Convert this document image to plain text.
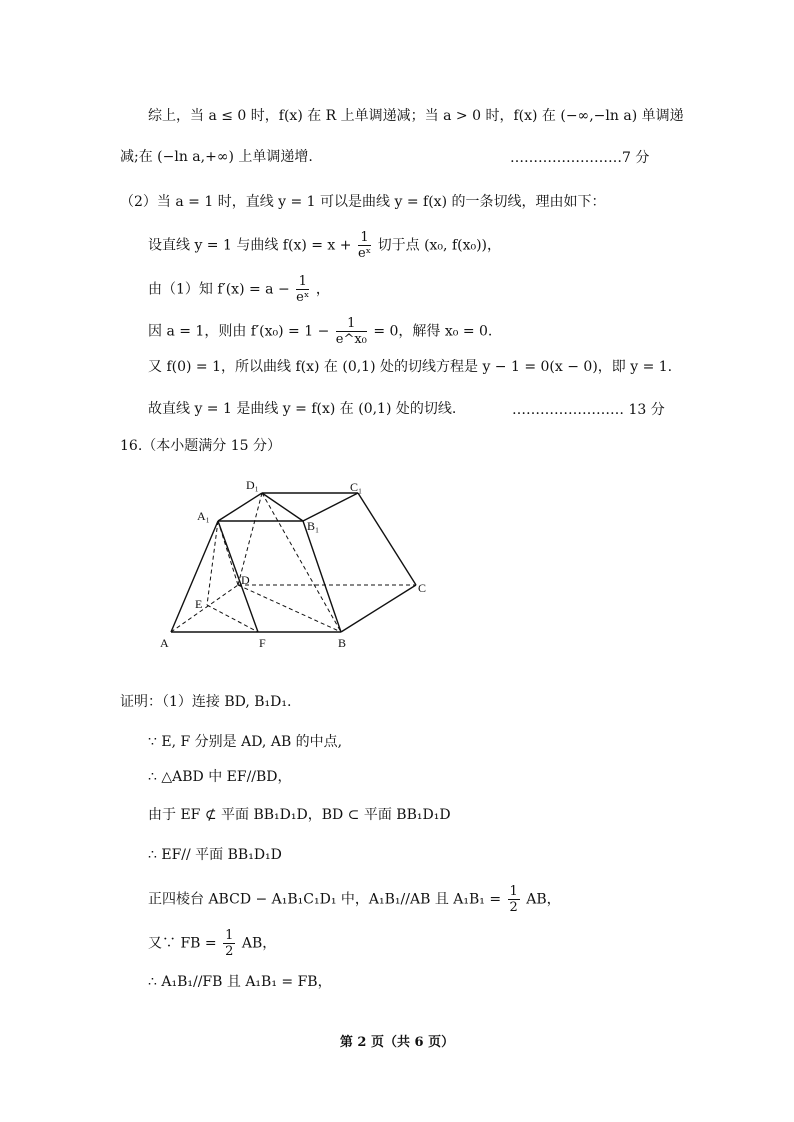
综上，当 a ≤ 0 时，f(x) 在 R 上单调递减；当 a > 0 时，f(x) 在 (−∞,−ln a) 单调递
减;在 (−ln a,+∞) 上单调递增.	……………………7 分
（2）当 a = 1 时，直线 y = 1 可以是曲线 y = f(x) 的一条切线，理由如下：
设直线 y = 1 与曲线 $f(x) = x + \frac{1}{\text{eˣ}}$ 切于点 (x₀, f(x₀))，
由（1）知 $f'(x) = a - \frac{1}{\text{eˣ}}$ ，
因 a = 1，则由 $f'(x_0) = 1 - \frac{1}{\text{e\textasciicircum{}x₀}} = 0$，解得 x₀ = 0.
又 f(0) = 1，所以曲线 f(x) 在 (0,1) 处的切线方程是 y − 1 = 0(x − 0)，即 y = 1.
故直线 y = 1 是曲线 y = f(x) 在 (0,1) 处的切线.	…………………… 13 分
16.（本小题满分 15 分）
D₁	C₁
A₁
B₁
D
C
E
A	F	B
证明：（1）连接 BD, B₁D₁.
∵ E, F 分别是 AD, AB 的中点,
∴ △ABD 中 EF//BD，
由于 EF ⊄ 平面 BB₁D₁D，BD ⊂ 平面 BB₁D₁D
∴ EF// 平面 BB₁D₁D
正四棱台 ABCD − A₁B₁C₁D₁ 中，A₁B₁//AB 且 $A_1B_1 = \frac{1}{2}$ AB，
又∵ FB = $\frac{1}{2}$ AB，
∴ A₁B₁//FB 且 A₁B₁ = FB，
第 2 页（共 6 页）
